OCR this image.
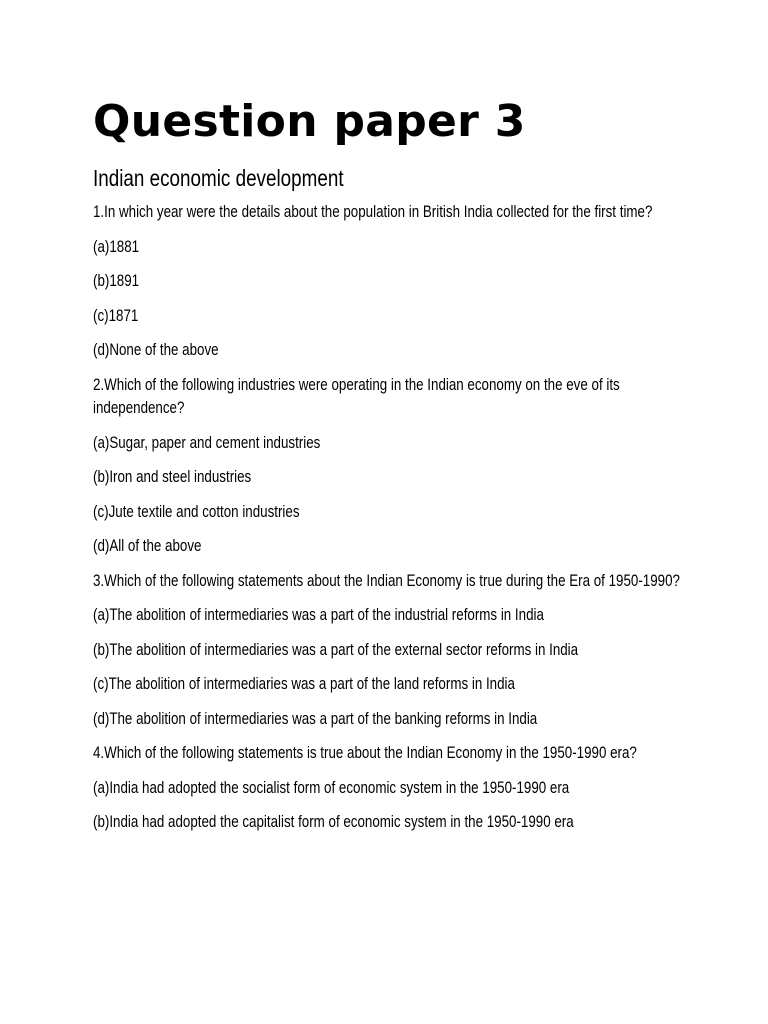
Question paper 3
Indian economic development

1.In which year were the details about the population in British India collected for the first time?

(a)1881

(b)1891

(c)1871

(d)None of the above

2.Which of the following industries were operating in the Indian economy on the eve of its independence?

(a)Sugar, paper and cement industries

(b)Iron and steel industries

(c)Jute textile and cotton industries

(d)All of the above

3.Which of the following statements about the Indian Economy is true during the Era of 1950-1990?

(a)The abolition of intermediaries was a part of the industrial reforms in India

(b)The abolition of intermediaries was a part of the external sector reforms in India

(c)The abolition of intermediaries was a part of the land reforms in India

(d)The abolition of intermediaries was a part of the banking reforms in India

4.Which of the following statements is true about the Indian Economy in the 1950-1990 era?

(a)India had adopted the socialist form of economic system in the 1950-1990 era

(b)India had adopted the capitalist form of economic system in the 1950-1990 era
